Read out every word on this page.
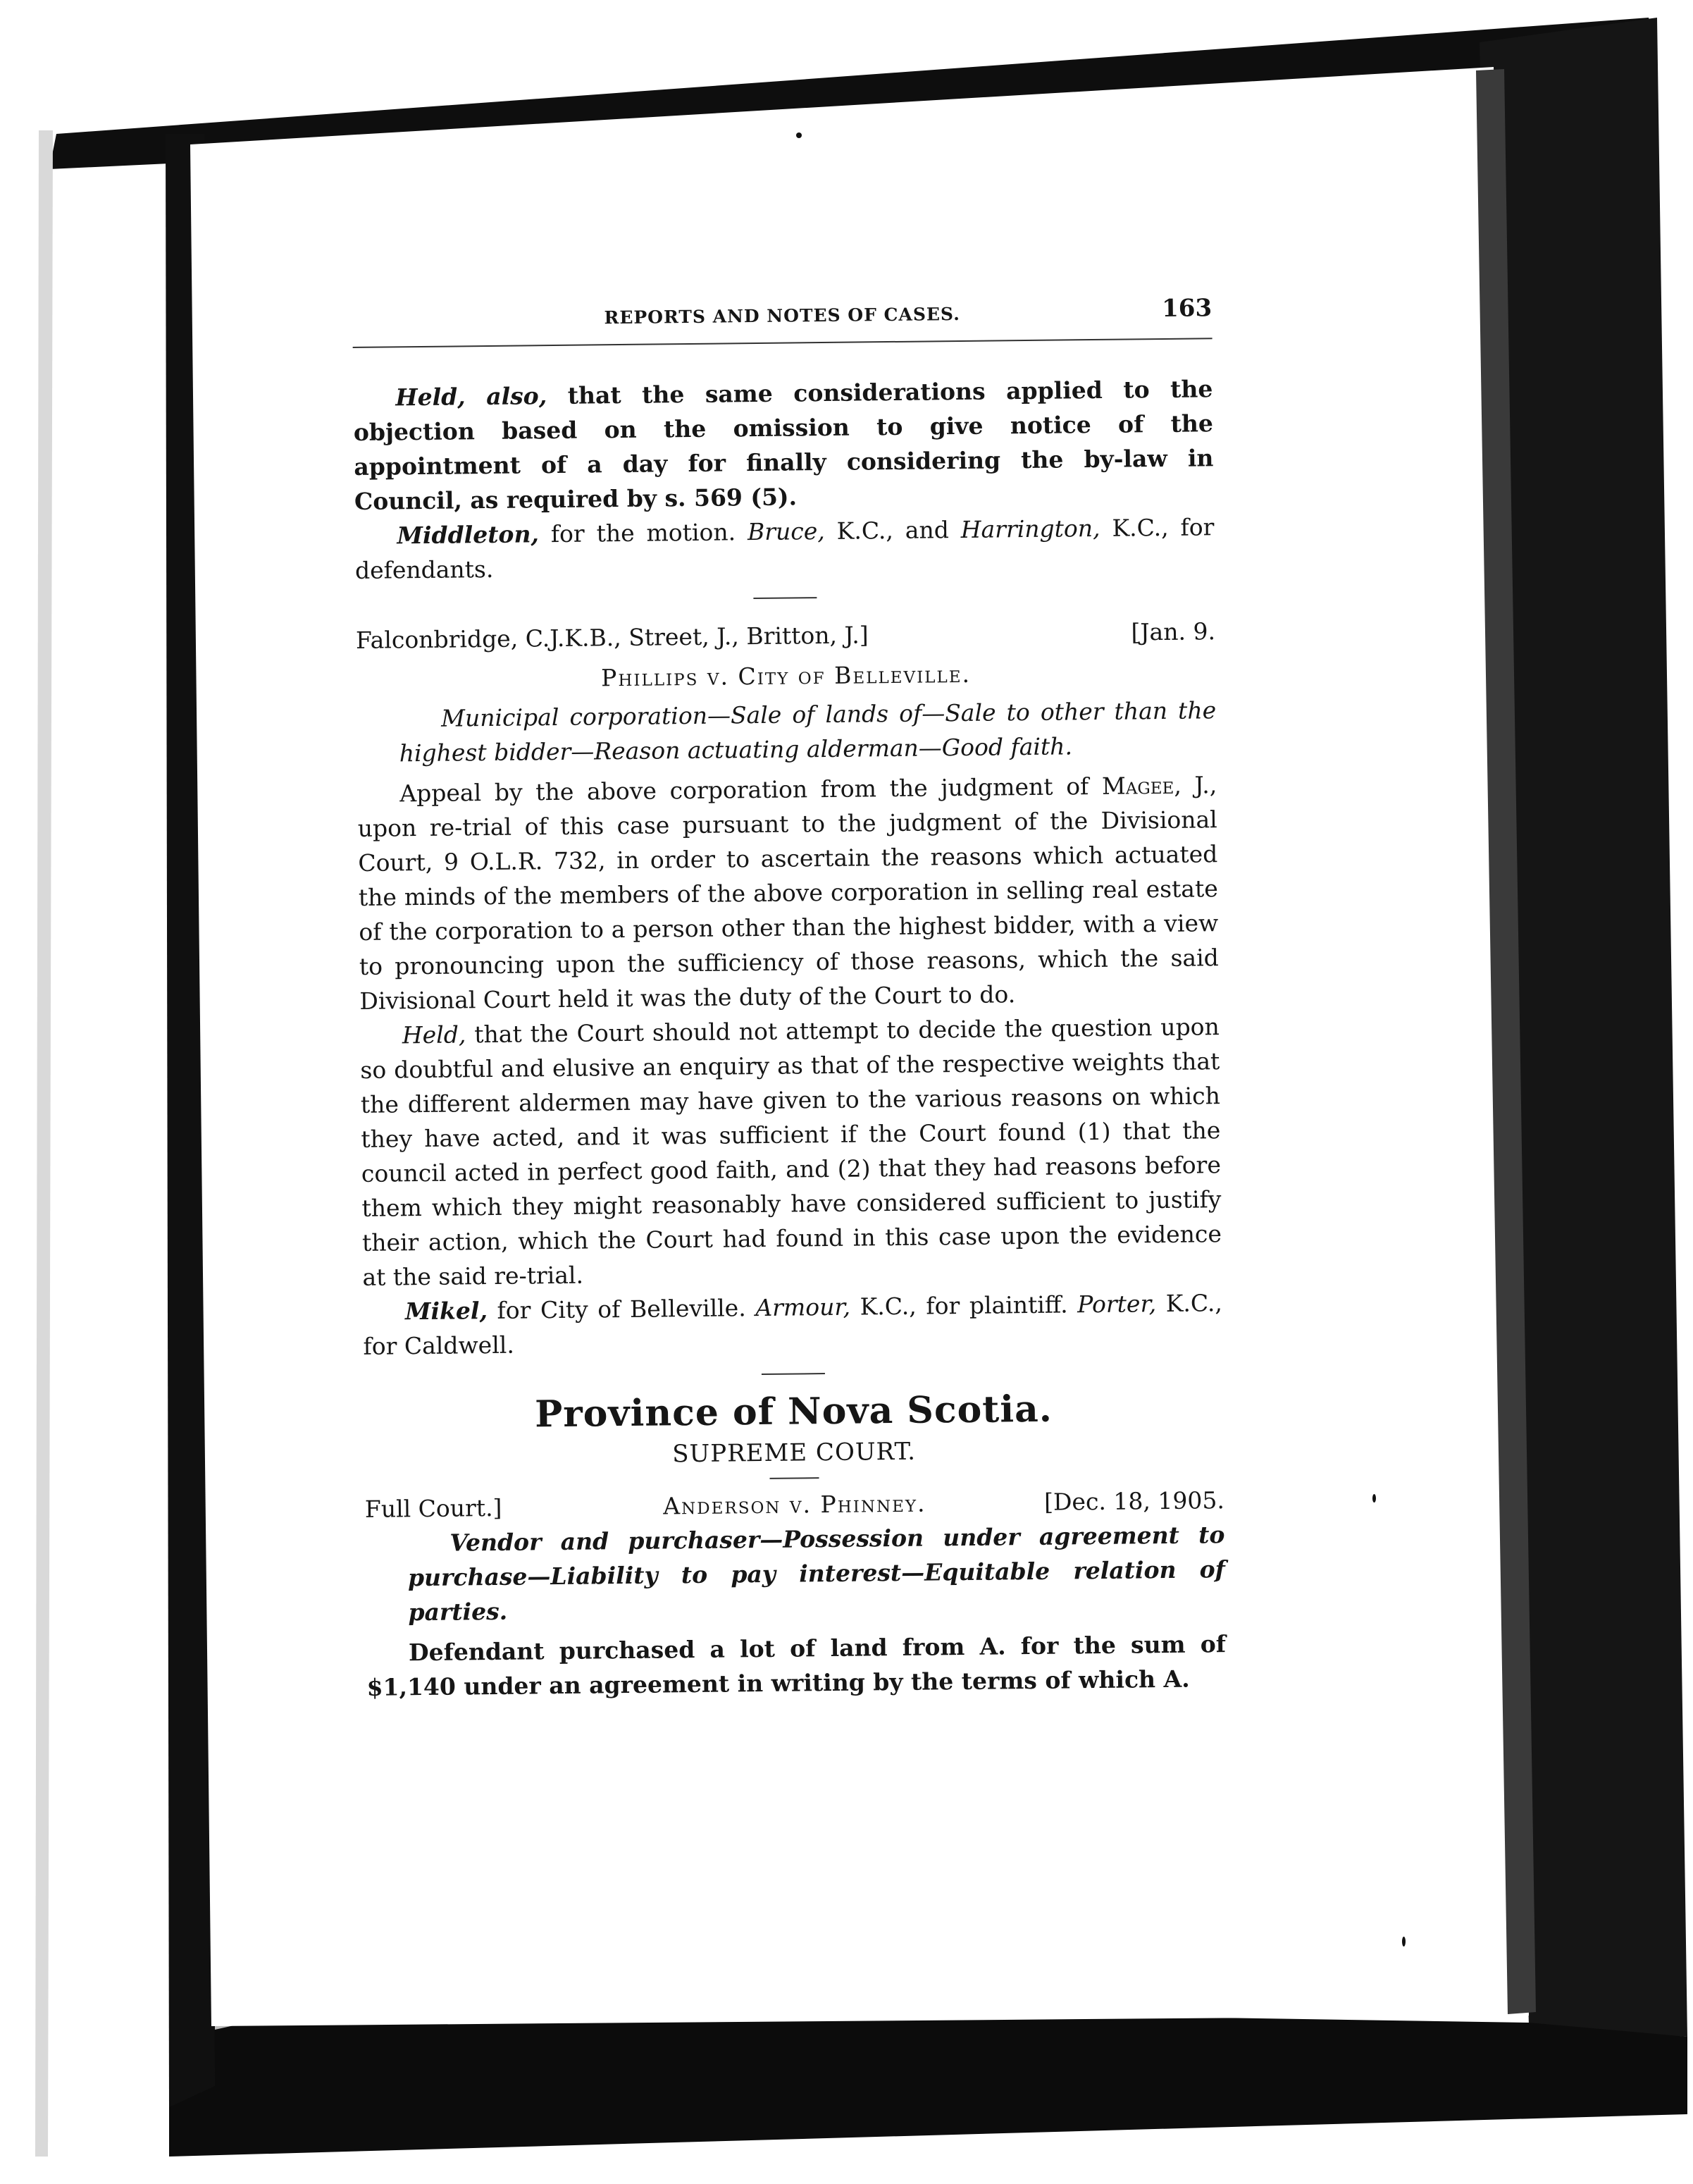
REPORTS AND NOTES OF CASES.	163

Held, also, that the same considerations applied to the objection based on the omission to give notice of the appointment of a day for finally considering the by-law in Council, as required by s. 569 (5).

Middleton, for the motion. Bruce, K.C., and Harrington, K.C., for defendants.

Falconbridge, C.J.K.B., Street, J., Britton, J.]	[Jan. 9.
Phillips v. City of Belleville.

Municipal corporation—Sale of lands of—Sale to other than the highest bidder—Reason actuating alderman—Good faith.

Appeal by the above corporation from the judgment of Magee, J., upon re-trial of this case pursuant to the judgment of the Divisional Court, 9 O.L.R. 732, in order to ascertain the reasons which actuated the minds of the members of the above corporation in selling real estate of the corporation to a person other than the highest bidder, with a view to pronouncing upon the sufficiency of those reasons, which the said Divisional Court held it was the duty of the Court to do.

Held, that the Court should not attempt to decide the question upon so doubtful and elusive an enquiry as that of the respective weights that the different aldermen may have given to the various reasons on which they have acted, and it was sufficient if the Court found (1) that the council acted in perfect good faith, and (2) that they had reasons before them which they might reasonably have considered sufficient to justify their action, which the Court had found in this case upon the evidence at the said re-trial.

Mikel, for City of Belleville. Armour, K.C., for plaintiff. Porter, K.C., for Caldwell.

Province of Nova Scotia.
SUPREME COURT.
Full Court.]	Anderson v. Phinney.	[Dec. 18, 1905.

Vendor and purchaser—Possession under agreement to purchase—Liability to pay interest—Equitable relation of parties.

Defendant purchased a lot of land from A. for the sum of $1,140 under an agreement in writing by the terms of which A.
